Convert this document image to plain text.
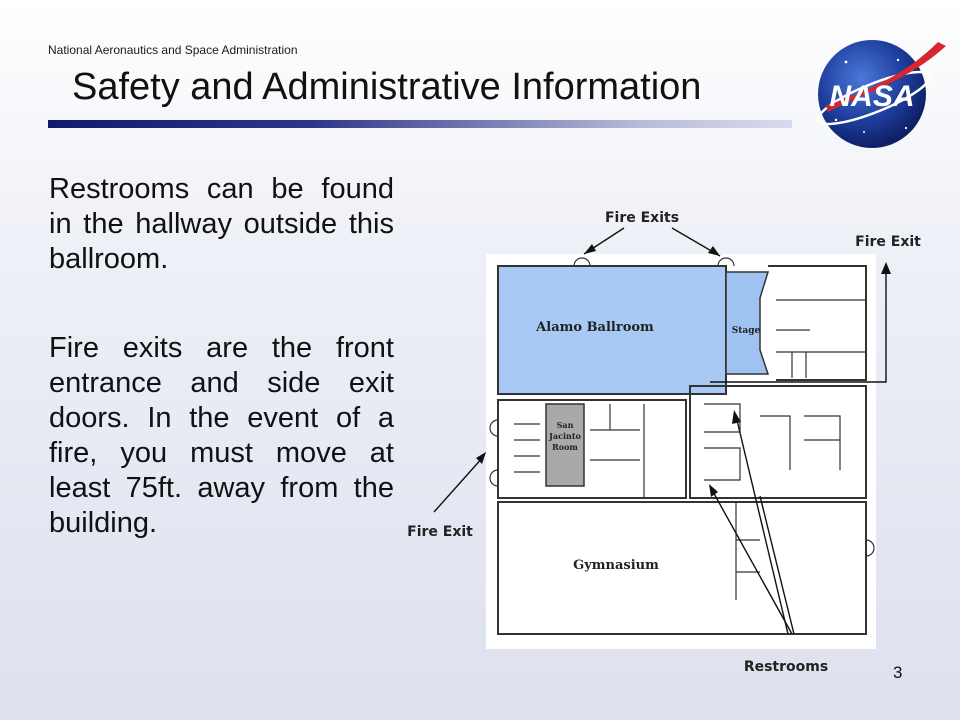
National Aeronautics and Space Administration
Safety and Administrative Information	NASA

Restrooms can be found in the hallway outside this ballroom.

Fire exits are the front entrance and side exit doors. In the event of a fire, you must move at least 75ft. away from the building.

Alamo Ballroom	Stage
San
Jacinto
Room
Gymnasium
Fire Exits
Fire Exit
Fire Exit
Restrooms	3
